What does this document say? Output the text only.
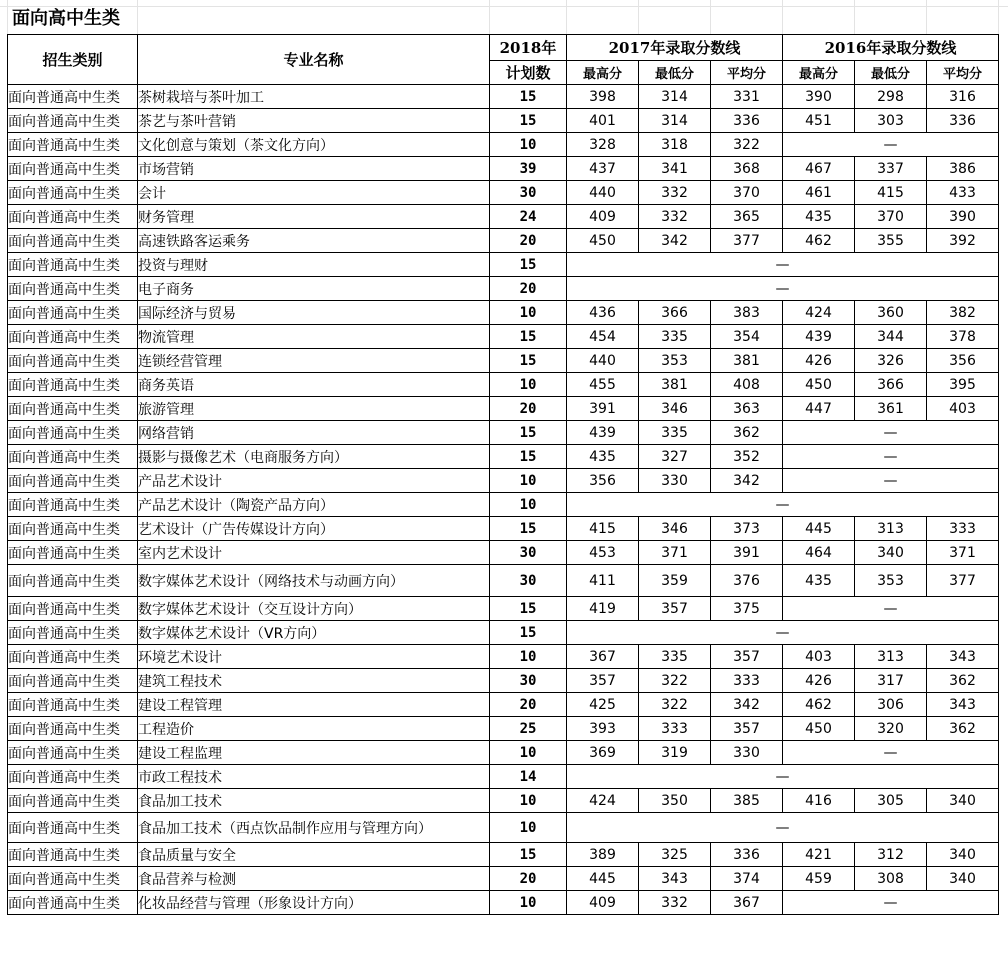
面向高中生类
招生类别	专业名称	2018年	2017年录取分数线			2016年录取分数线		
		计划数	最高分	最低分	平均分	最高分	最低分	平均分
面向普通高中生类	茶树栽培与茶叶加工	15	398	314	331	390	298	316
面向普通高中生类	茶艺与茶叶营销	15	401	314	336	451	303	336
面向普通高中生类	文化创意与策划（茶文化方向）	10	328	318	322	—		
面向普通高中生类	市场营销	39	437	341	368	467	337	386
面向普通高中生类	会计	30	440	332	370	461	415	433
面向普通高中生类	财务管理	24	409	332	365	435	370	390
面向普通高中生类	高速铁路客运乘务	20	450	342	377	462	355	392
面向普通高中生类	投资与理财	15	—					
面向普通高中生类	电子商务	20	—					
面向普通高中生类	国际经济与贸易	10	436	366	383	424	360	382
面向普通高中生类	物流管理	15	454	335	354	439	344	378
面向普通高中生类	连锁经营管理	15	440	353	381	426	326	356
面向普通高中生类	商务英语	10	455	381	408	450	366	395
面向普通高中生类	旅游管理	20	391	346	363	447	361	403
面向普通高中生类	网络营销	15	439	335	362	—		
面向普通高中生类	摄影与摄像艺术（电商服务方向）	15	435	327	352	—		
面向普通高中生类	产品艺术设计	10	356	330	342	—		
面向普通高中生类	产品艺术设计（陶瓷产品方向）	10	—					
面向普通高中生类	艺术设计（广告传媒设计方向）	15	415	346	373	445	313	333
面向普通高中生类	室内艺术设计	30	453	371	391	464	340	371
面向普通高中生类	数字媒体艺术设计（网络技术与动画方向）	30	411	359	376	435	353	377
面向普通高中生类	数字媒体艺术设计（交互设计方向）	15	419	357	375	—		
面向普通高中生类	数字媒体艺术设计（VR方向）	15	—					
面向普通高中生类	环境艺术设计	10	367	335	357	403	313	343
面向普通高中生类	建筑工程技术	30	357	322	333	426	317	362
面向普通高中生类	建设工程管理	20	425	322	342	462	306	343
面向普通高中生类	工程造价	25	393	333	357	450	320	362
面向普通高中生类	建设工程监理	10	369	319	330	—		
面向普通高中生类	市政工程技术	14	—					
面向普通高中生类	食品加工技术	10	424	350	385	416	305	340
面向普通高中生类	食品加工技术（西点饮品制作应用与管理方向）	10	—					
面向普通高中生类	食品质量与安全	15	389	325	336	421	312	340
面向普通高中生类	食品营养与检测	20	445	343	374	459	308	340
面向普通高中生类	化妆品经营与管理（形象设计方向）	10	409	332	367	—		
